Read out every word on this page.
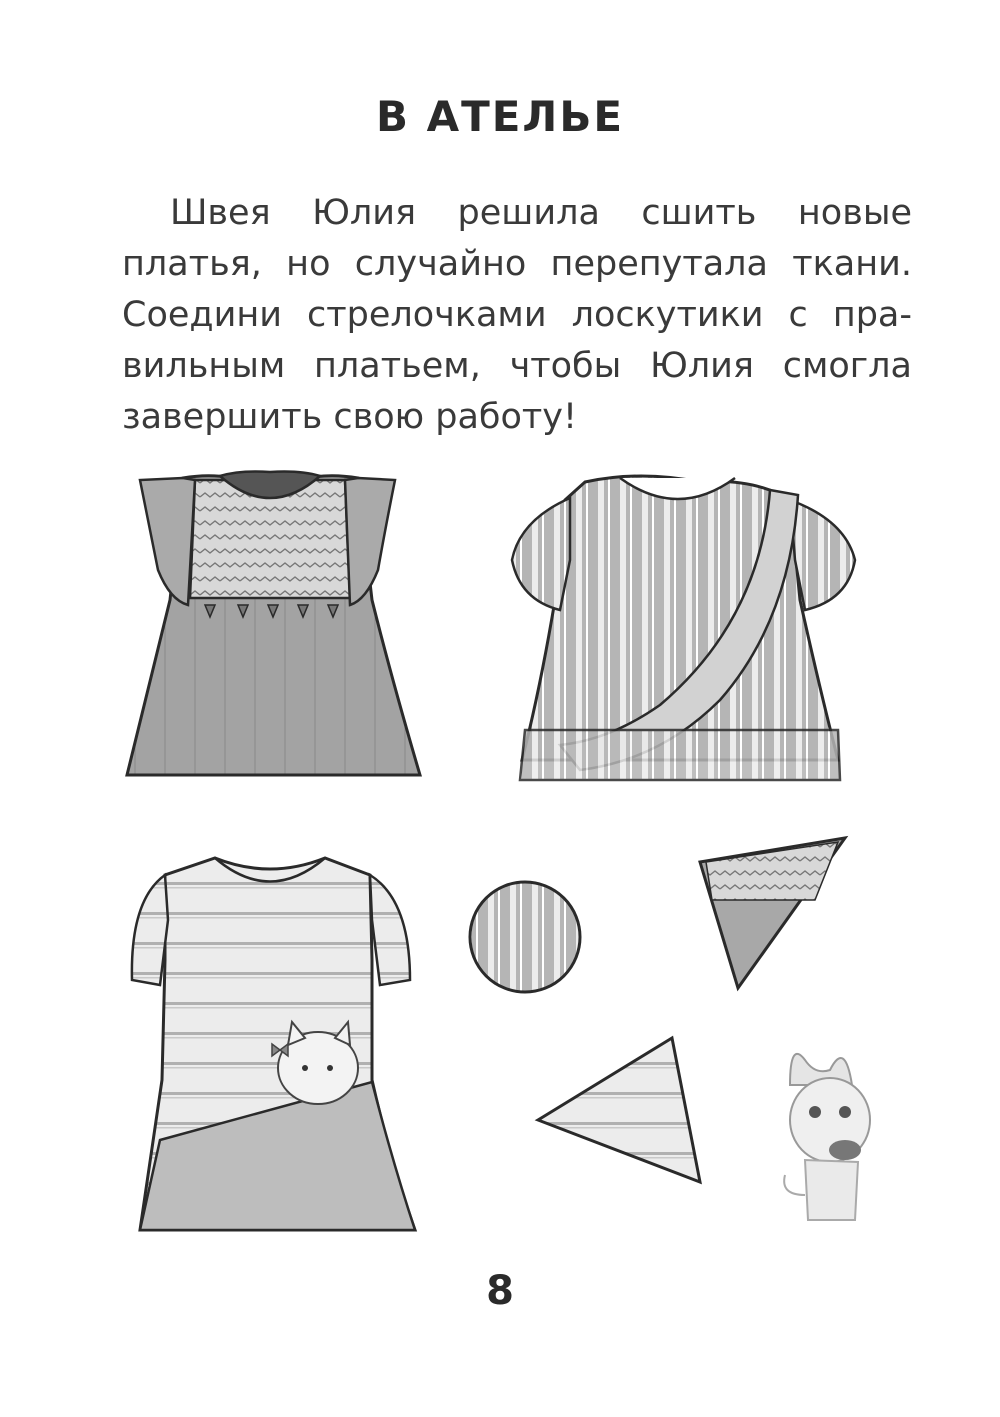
В АТЕЛЬЕ
Швея Юлия решила сшить новые
платья, но случайно перепутала ткани.
Соедини стрелочками лоскутики с пра-
вильным платьем, чтобы Юлия смогла
завершить свою работу!
8
